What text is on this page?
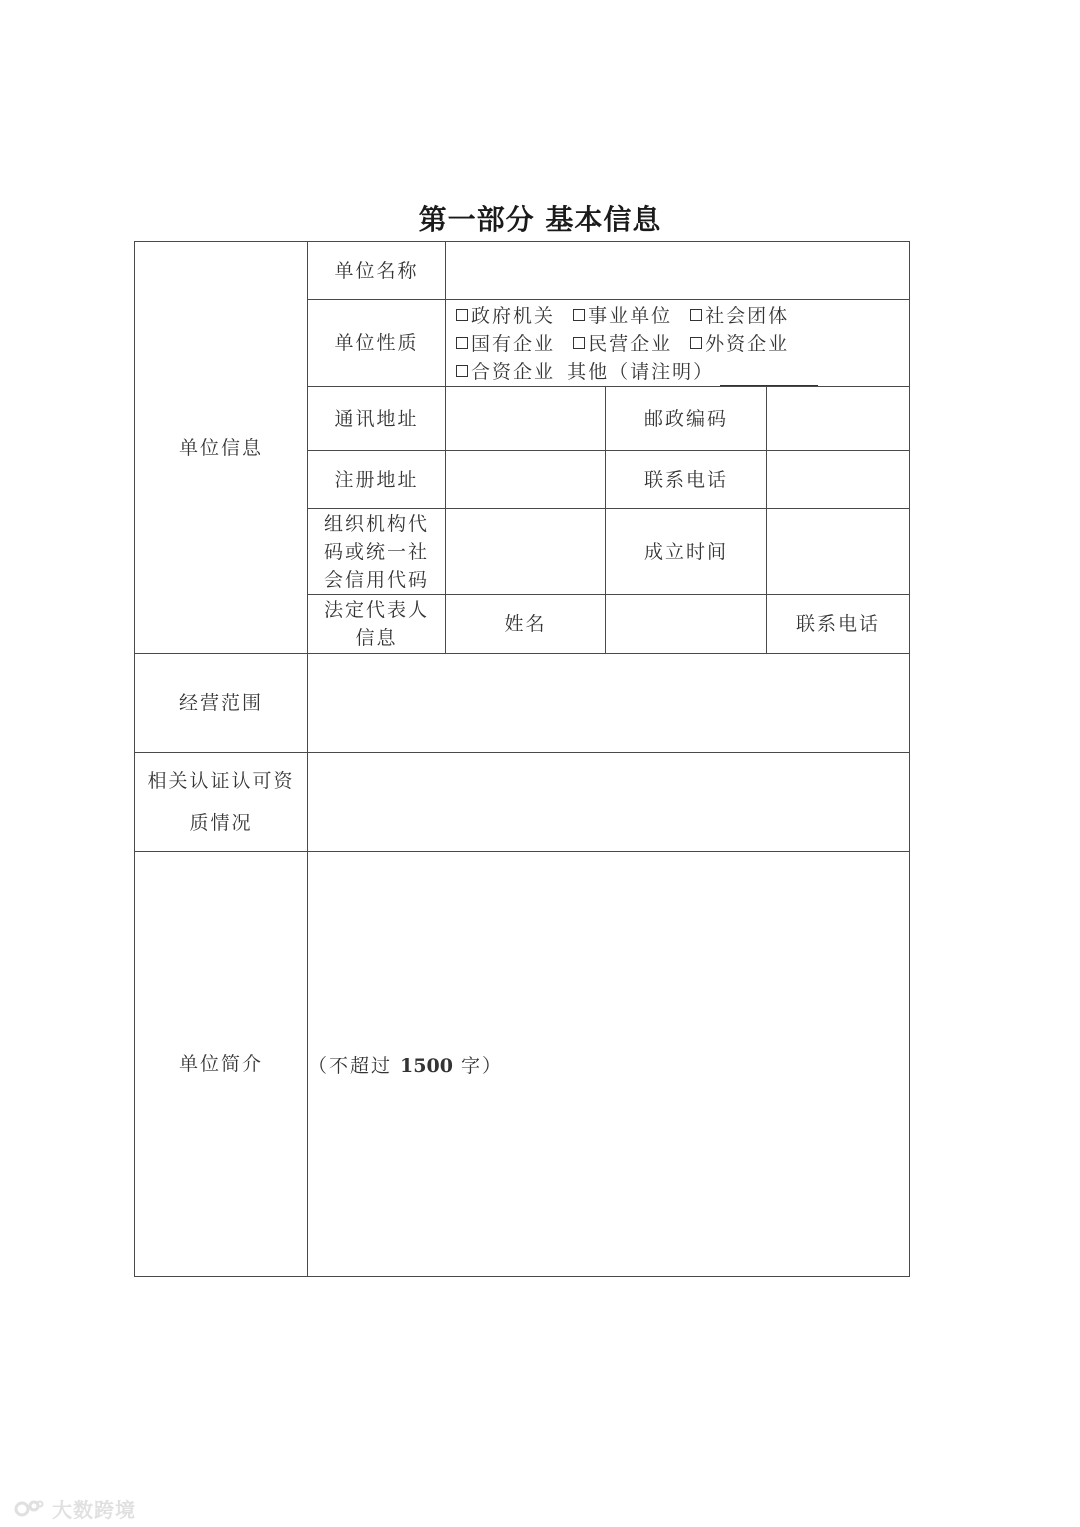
第一部分 基本信息
单位信息	单位名称				
	单位性质	政府机关 事业单位 社会团体
国有企业 民营企业 外资企业
合资企业 其他（请注明）			

	通讯地址		邮政编码		
	注册地址		联系电话		

	组织机构代
码或统一社
会信用代码		成立时间		

	法定代表人
信息	姓名		联系电话	
经营范围					

相关认证认可资
质情况					

单位简介	（不超过 1500 字）				
大数跨境
